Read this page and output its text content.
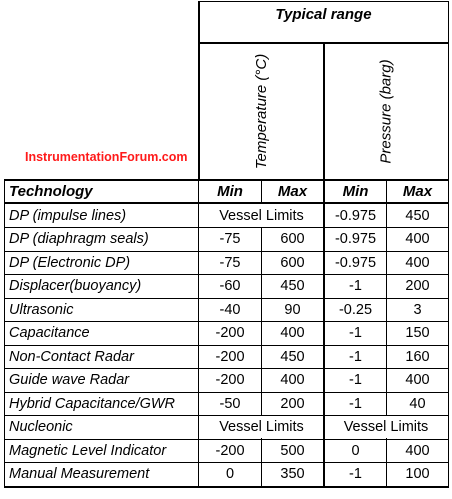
Typical range
Temperature (°C)	Pressure (barg)
InstrumentationForum.com
Technology	Min	Max	Min	Max
DP (impulse lines)	Vessel Limits	-0.975	450
DP (diaphragm seals)	-75	600	-0.975	400
DP (Electronic DP)	-75	600	-0.975	400
Displacer(buoyancy)	-60	450	-1	200
Ultrasonic	-40	90	-0.25	3
Capacitance	-200	400	-1	150
Non-Contact Radar	-200	450	-1	160
Guide wave Radar	-200	400	-1	400
Hybrid Capacitance/GWR	-50	200	-1	40
Nucleonic	Vessel Limits	Vessel Limits
Magnetic Level Indicator	-200	500	0	400
Manual Measurement	0	350	-1	100
